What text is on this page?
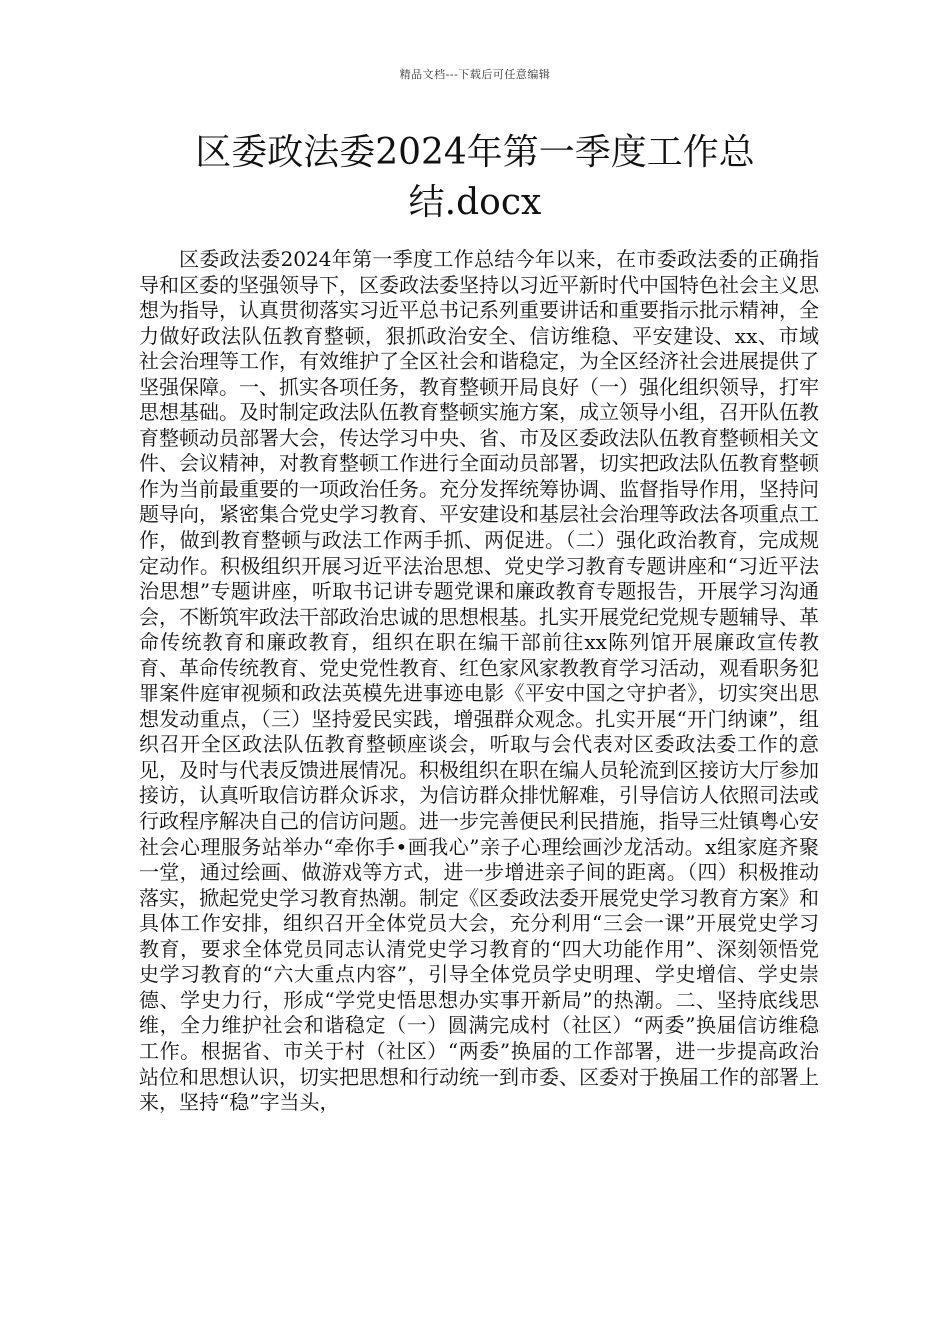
精品文档---下载后可任意编辑
区委政法委2024年第一季度工作总结.docx

区委政法委2024年第一季度工作总结今年以来，在市委政法委的正确指导和区委的坚强领导下，区委政法委坚持以习近平新时代中国特色社会主义思想为指导，认真贯彻落实习近平总书记系列重要讲话和重要指示批示精神，全力做好政法队伍教育整顿，狠抓政治安全、信访维稳、平安建设、xx、市域社会治理等工作，有效维护了全区社会和谐稳定，为全区经济社会进展提供了坚强保障。一、抓实各项任务，教育整顿开局良好（一）强化组织领导，打牢思想基础。及时制定政法队伍教育整顿实施方案，成立领导小组，召开队伍教育整顿动员部署大会，传达学习中央、省、市及区委政法队伍教育整顿相关文件、会议精神，对教育整顿工作进行全面动员部署，切实把政法队伍教育整顿作为当前最重要的一项政治任务。充分发挥统筹协调、监督指导作用，坚持问题导向，紧密集合党史学习教育、平安建设和基层社会治理等政法各项重点工作，做到教育整顿与政法工作两手抓、两促进。（二）强化政治教育，完成规定动作。积极组织开展习近平法治思想、党史学习教育专题讲座和“习近平法治思想”专题讲座，听取书记讲专题党课和廉政教育专题报告，开展学习沟通会，不断筑牢政法干部政治忠诚的思想根基。扎实开展党纪党规专题辅导、革命传统教育和廉政教育，组织在职在编干部前往xx陈列馆开展廉政宣传教育、革命传统教育、党史党性教育、红色家风家教教育学习活动，观看职务犯罪案件庭审视频和政法英模先进事迹电影《平安中国之守护者》，切实突出思想发动重点，（三）坚持爱民实践，增强群众观念。扎实开展“开门纳谏”，组织召开全区政法队伍教育整顿座谈会，听取与会代表对区委政法委工作的意见，及时与代表反馈进展情况。积极组织在职在编人员轮流到区接访大厅参加接访，认真听取信访群众诉求，为信访群众排忧解难，引导信访人依照司法或行政程序解决自己的信访问题。进一步完善便民利民措施，指导三灶镇粤心安社会心理服务站举办“牵你手•画我心”亲子心理绘画沙龙活动。x组家庭齐聚一堂，通过绘画、做游戏等方式，进一步增进亲子间的距离。（四）积极推动落实，掀起党史学习教育热潮。制定《区委政法委开展党史学习教育方案》和具体工作安排，组织召开全体党员大会，充分利用“三会一课”开展党史学习教育，要求全体党员同志认清党史学习教育的“四大功能作用”、深刻领悟党史学习教育的“六大重点内容”，引导全体党员学史明理、学史增信、学史崇德、学史力行，形成“学党史悟思想办实事开新局”的热潮。二、坚持底线思维，全力维护社会和谐稳定（一）圆满完成村（社区）“两委”换届信访维稳工作。根据省、市关于村（社区）“两委”换届的工作部署，进一步提高政治站位和思想认识，切实把思想和行动统一到市委、区委对于换届工作的部署上来，坚持“稳”字当头，
